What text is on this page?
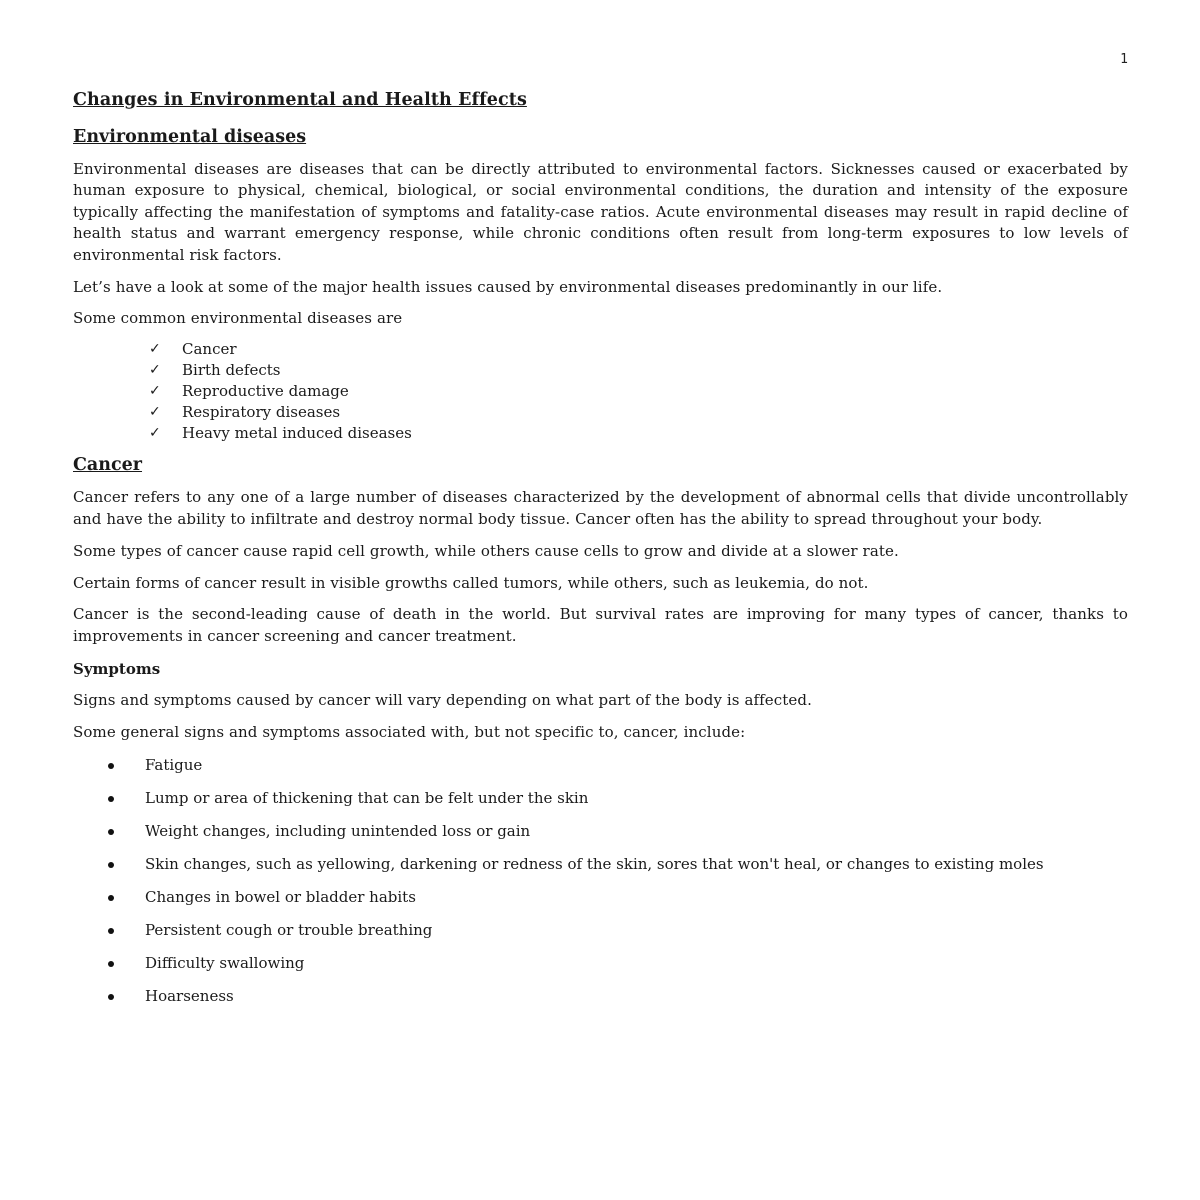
1
Changes in Environmental and Health Effects
Environmental diseases

Environmental diseases are diseases that can be directly attributed to environmental factors. Sicknesses caused or exacerbated by human exposure to physical, chemical, biological, or social environmental conditions, the duration and intensity of the exposure typically affecting the manifestation of symptoms and fatality-case ratios. Acute environmental diseases may result in rapid decline of health status and warrant emergency response, while chronic conditions often result from long-term exposures to low levels of environmental risk factors.

Let’s have a look at some of the major health issues caused by environmental diseases predominantly in our life.

Some common environmental diseases are

✓ Cancer
✓ Birth defects
✓ Reproductive damage
✓ Respiratory diseases
✓ Heavy metal induced diseases
Cancer

Cancer refers to any one of a large number of diseases characterized by the development of abnormal cells that divide uncontrollably and have the ability to infiltrate and destroy normal body tissue. Cancer often has the ability to spread throughout your body.

Some types of cancer cause rapid cell growth, while others cause cells to grow and divide at a slower rate.

Certain forms of cancer result in visible growths called tumors, while others, such as leukemia, do not.

Cancer is the second-leading cause of death in the world. But survival rates are improving for many types of cancer, thanks to improvements in cancer screening and cancer treatment.

Symptoms

Signs and symptoms caused by cancer will vary depending on what part of the body is affected.

Some general signs and symptoms associated with, but not specific to, cancer, include:

Fatigue
Lump or area of thickening that can be felt under the skin
Weight changes, including unintended loss or gain
Skin changes, such as yellowing, darkening or redness of the skin, sores that won't heal, or changes to existing moles
Changes in bowel or bladder habits
Persistent cough or trouble breathing
Difficulty swallowing
Hoarseness
